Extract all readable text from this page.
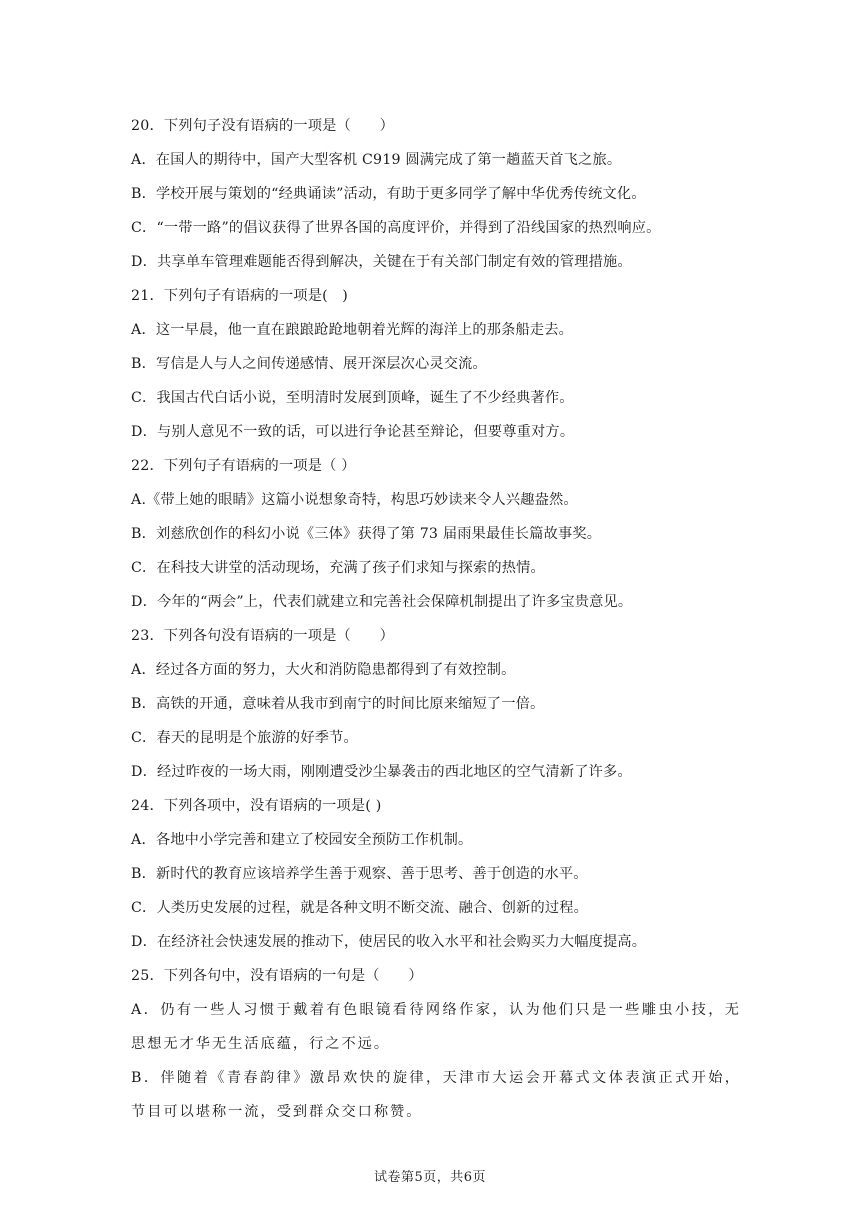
20．下列句子没有语病的一项是（　　）

A．在国人的期待中，国产大型客机 C919 圆满完成了第一趟蓝天首飞之旅。

B．学校开展与策划的“经典诵读”活动，有助于更多同学了解中华优秀传统文化。

C．“一带一路”的倡议获得了世界各国的高度评价，并得到了沿线国家的热烈响应。

D．共享单车管理难题能否得到解决，关键在于有关部门制定有效的管理措施。

21．下列句子有语病的一项是(　)

A．这一早晨，他一直在踉踉跄跄地朝着光辉的海洋上的那条船走去。

B．写信是人与人之间传递感情、展开深层次心灵交流。

C．我国古代白话小说，至明清时发展到顶峰，诞生了不少经典著作。

D．与别人意见不一致的话，可以进行争论甚至辩论，但要尊重对方。

22．下列句子有语病的一项是（ ）

A.《带上她的眼睛》这篇小说想象奇特，构思巧妙读来令人兴趣盎然。

B．刘慈欣创作的科幻小说《三体》获得了第 73 届雨果最佳长篇故事奖。

C．在科技大讲堂的活动现场，充满了孩子们求知与探索的热情。

D．今年的“两会”上，代表们就建立和完善社会保障机制提出了许多宝贵意见。

23．下列各句没有语病的一项是（　　）

A．经过各方面的努力，大火和消防隐患都得到了有效控制。

B．高铁的开通，意味着从我市到南宁的时间比原来缩短了一倍。

C．春天的昆明是个旅游的好季节。

D．经过昨夜的一场大雨，刚刚遭受沙尘暴袭击的西北地区的空气清新了许多。

24．下列各项中，没有语病的一项是( )

A．各地中小学完善和建立了校园安全预防工作机制。

B．新时代的教育应该培养学生善于观察、善于思考、善于创造的水平。

C．人类历史发展的过程，就是各种文明不断交流、融合、创新的过程。

D．在经济社会快速发展的推动下，使居民的收入水平和社会购买力大幅度提高。

25．下列各句中，没有语病的一句是（　　）

A．仍有一些人习惯于戴着有色眼镜看待网络作家，认为他们只是一些雕虫小技，无思想无才华无生活底蕴，行之不远。

B．伴随着《青春韵律》激昂欢快的旋律，天津市大运会开幕式文体表演正式开始，节目可以堪称一流，受到群众交口称赞。

试卷第5页，共6页
